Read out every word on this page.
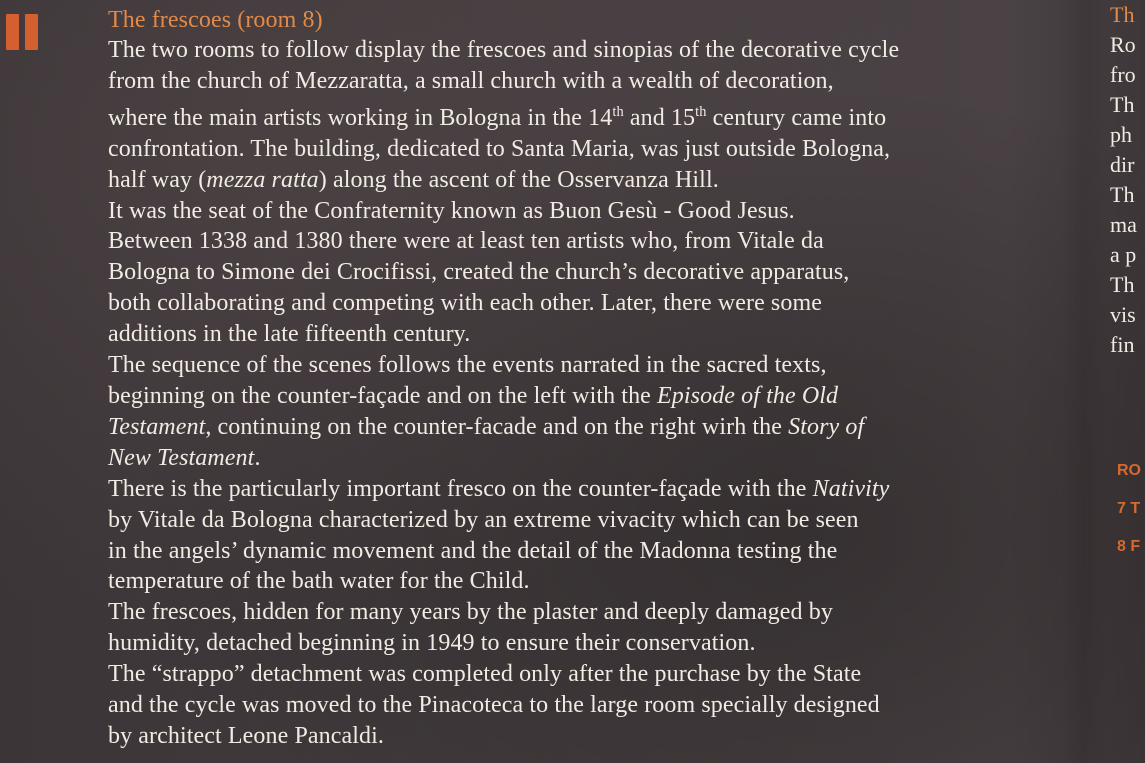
The frescoes (room 8)
The two rooms to follow display the frescoes and sinopias of the decorative cycle
from the church of Mezzaratta, a small church with a wealth of decoration,
where the main artists working in Bologna in the 14th and 15th century came into
confrontation. The building, dedicated to Santa Maria, was just outside Bologna,
half way (mezza ratta) along the ascent of the Osservanza Hill.
It was the seat of the Confraternity known as Buon Gesù - Good Jesus.
Between 1338 and 1380 there were at least ten artists who, from Vitale da
Bologna to Simone dei Crocifissi, created the church’s decorative apparatus,
both collaborating and competing with each other. Later, there were some
additions in the late fifteenth century.
The sequence of the scenes follows the events narrated in the sacred texts,
beginning on the counter-façade and on the left with the Episode of the Old
Testament, continuing on the counter-facade and on the right wirh the Story of
New Testament.
There is the particularly important fresco on the counter-façade with the Nativity
by Vitale da Bologna characterized by an extreme vivacity which can be seen
in the angels’ dynamic movement and the detail of the Madonna testing the
temperature of the bath water for the Child.
The frescoes, hidden for many years by the plaster and deeply damaged by
humidity, detached beginning in 1949 to ensure their conservation.
The “strappo” detachment was completed only after the purchase by the State
and the cycle was moved to the Pinacoteca to the large room specially designed
by architect Leone Pancaldi.
Th
Ro
fro
Th
ph
dir
Th
ma
a p
Th
vis
fin
RO
7 T
8 F
